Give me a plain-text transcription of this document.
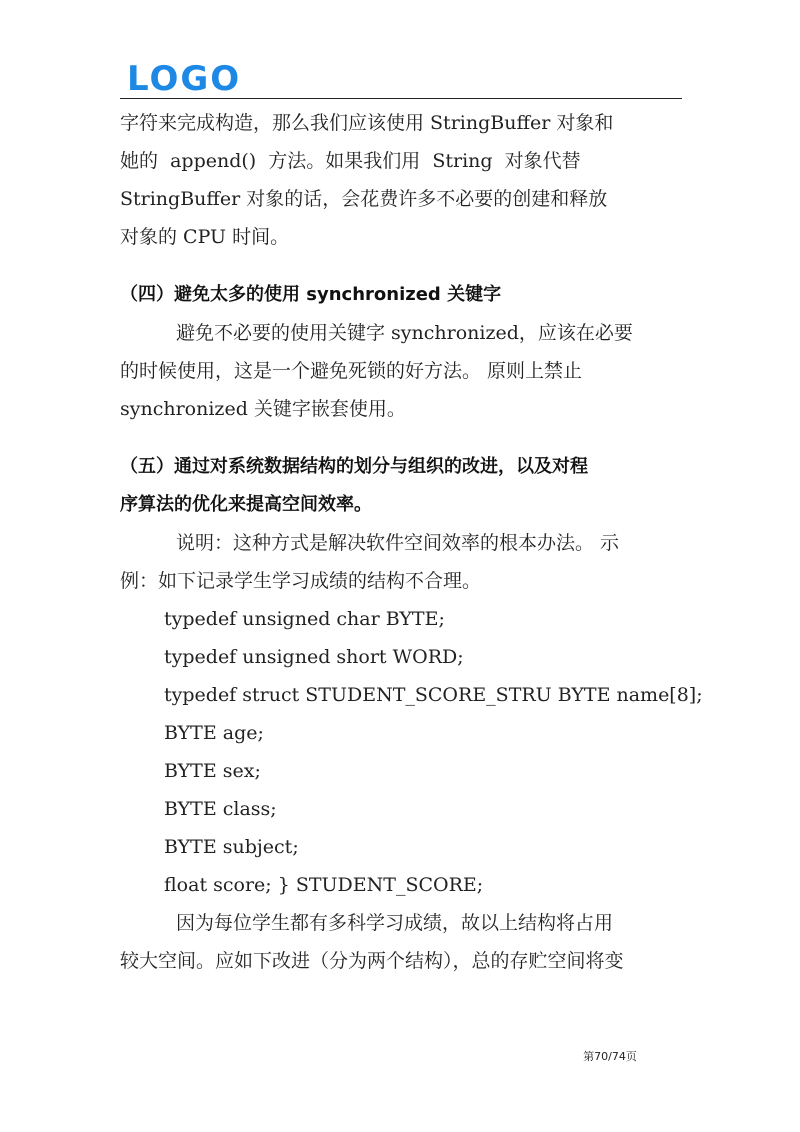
LOGO
字符来完成构造，那么我们应该使用 StringBuffer 对象和
她的  append()  方法。如果我们用  String  对象代替
StringBuffer 对象的话，会花费许多不必要的创建和释放
对象的 CPU 时间。
（四）避免太多的使用 synchronized 关键字
避免不必要的使用关键字 synchronized，应该在必要
的时候使用，这是一个避免死锁的好方法。 原则上禁止
synchronized 关键字嵌套使用。
（五）通过对系统数据结构的划分与组织的改进，以及对程
序算法的优化来提高空间效率。
说明：这种方式是解决软件空间效率的根本办法。 示
例：如下记录学生学习成绩的结构不合理。
typedef unsigned char BYTE;
typedef unsigned short WORD;
typedef struct STUDENT_SCORE_STRU BYTE name[8];
BYTE age;
BYTE sex;
BYTE class;
BYTE subject;
float score; } STUDENT_SCORE;
因为每位学生都有多科学习成绩，故以上结构将占用
较大空间。应如下改进（分为两个结构），总的存贮空间将变
第70/74页
